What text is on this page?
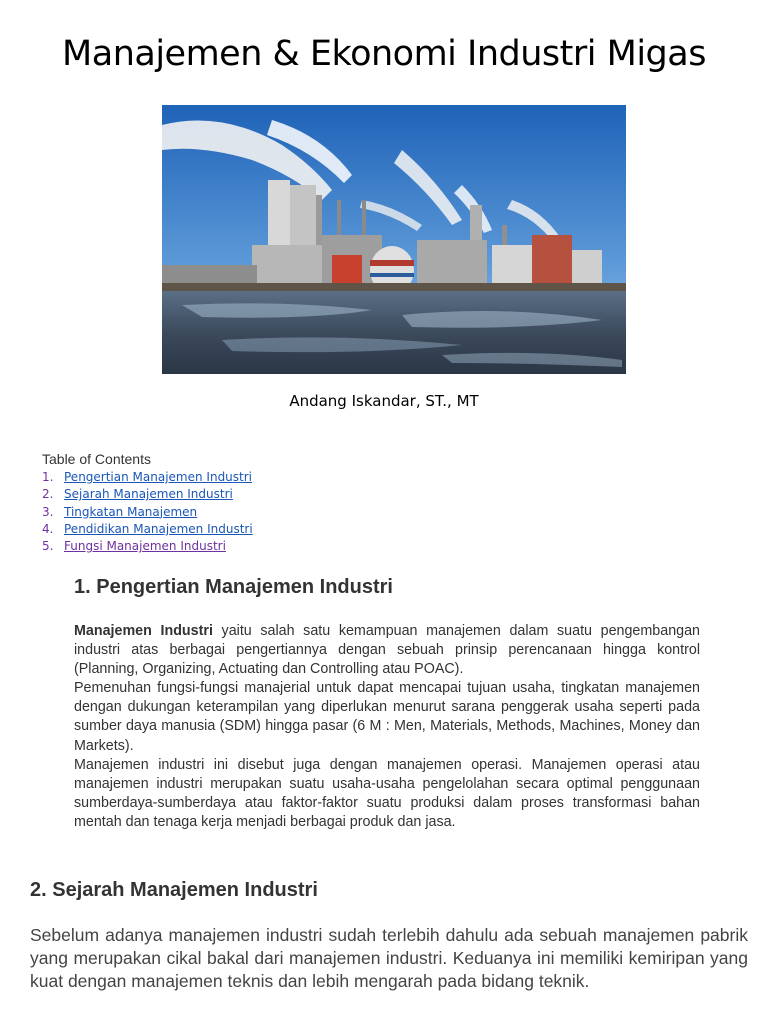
Manajemen & Ekonomi Industri Migas
Andang Iskandar, ST., MT
Table of Contents
1. Pengertian Manajemen Industri
2. Sejarah Manajemen Industri
3. Tingkatan Manajemen
4. Pendidikan Manajemen Industri
5. Fungsi Manajemen Industri
1. Pengertian Manajemen Industri

Manajemen Industri yaitu salah satu kemampuan manajemen dalam suatu pengembangan industri atas berbagai pengertiannya dengan sebuah prinsip perencanaan hingga kontrol (Planning, Organizing, Actuating dan Controlling atau POAC).

Pemenuhan fungsi-fungsi manajerial untuk dapat mencapai tujuan usaha, tingkatan manajemen dengan dukungan keterampilan yang diperlukan menurut sarana penggerak usaha seperti pada sumber daya manusia (SDM) hingga pasar (6 M : Men, Materials, Methods, Machines, Money dan Markets).

Manajemen industri ini disebut juga dengan manajemen operasi. Manajemen operasi atau manajemen industri merupakan suatu usaha-usaha pengelolahan secara optimal penggunaan sumberdaya-sumberdaya atau faktor-faktor suatu produksi dalam proses transformasi bahan mentah dan tenaga kerja menjadi berbagai produk dan jasa.

2. Sejarah Manajemen Industri

Sebelum adanya manajemen industri sudah terlebih dahulu ada sebuah manajemen pabrik yang merupakan cikal bakal dari manajemen industri. Keduanya ini memiliki kemiripan yang kuat dengan manajemen teknis dan lebih mengarah pada bidang teknik.
